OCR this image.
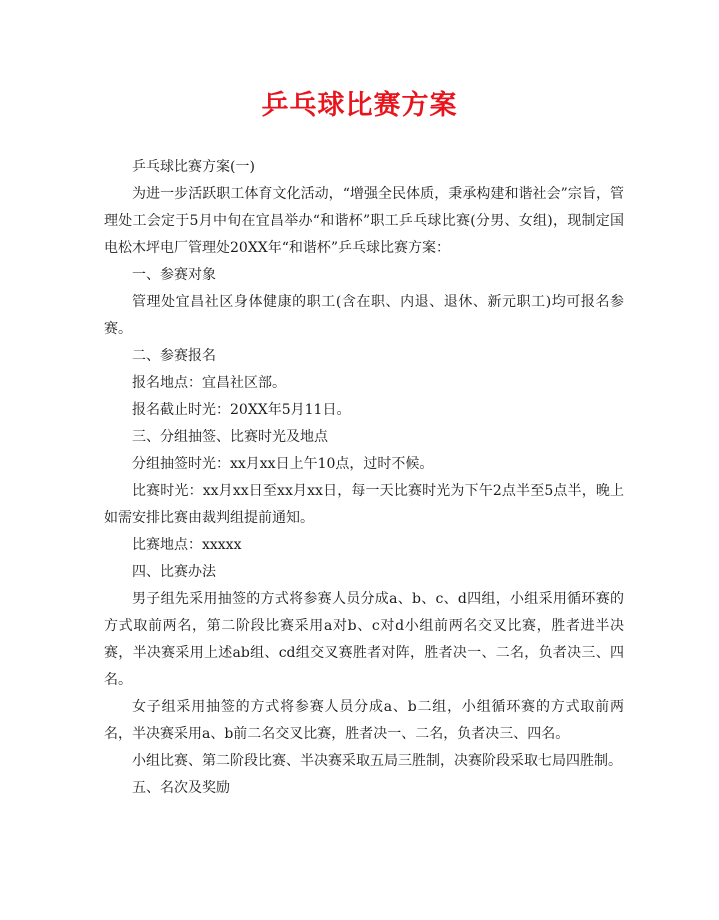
乒乓球比赛方案

乒乓球比赛方案(一)

为进一步活跃职工体育文化活动，“增强全民体质，秉承构建和谐社会”宗旨，管理处工会定于5月中旬在宜昌举办“和谐杯”职工乒乓球比赛(分男、女组)，现制定国电松木坪电厂管理处20XX年“和谐杯”乒乓球比赛方案：

一、参赛对象

管理处宜昌社区身体健康的职工(含在职、内退、退休、新元职工)均可报名参赛。

二、参赛报名

报名地点：宜昌社区部。

报名截止时光：20XX年5月11日。

三、分组抽签、比赛时光及地点

分组抽签时光：xx月xx日上午10点，过时不候。

比赛时光：xx月xx日至xx月xx日，每一天比赛时光为下午2点半至5点半，晚上如需安排比赛由裁判组提前通知。

比赛地点：xxxxx

四、比赛办法

男子组先采用抽签的方式将参赛人员分成a、b、c、d四组，小组采用循环赛的方式取前两名，第二阶段比赛采用a对b、c对d小组前两名交叉比赛，胜者进半决赛，半决赛采用上述ab组、cd组交叉赛胜者对阵，胜者决一、二名，负者决三、四名。

女子组采用抽签的方式将参赛人员分成a、b二组，小组循环赛的方式取前两名，半决赛采用a、b前二名交叉比赛，胜者决一、二名，负者决三、四名。

小组比赛、第二阶段比赛、半决赛采取五局三胜制，决赛阶段采取七局四胜制。

五、名次及奖励
